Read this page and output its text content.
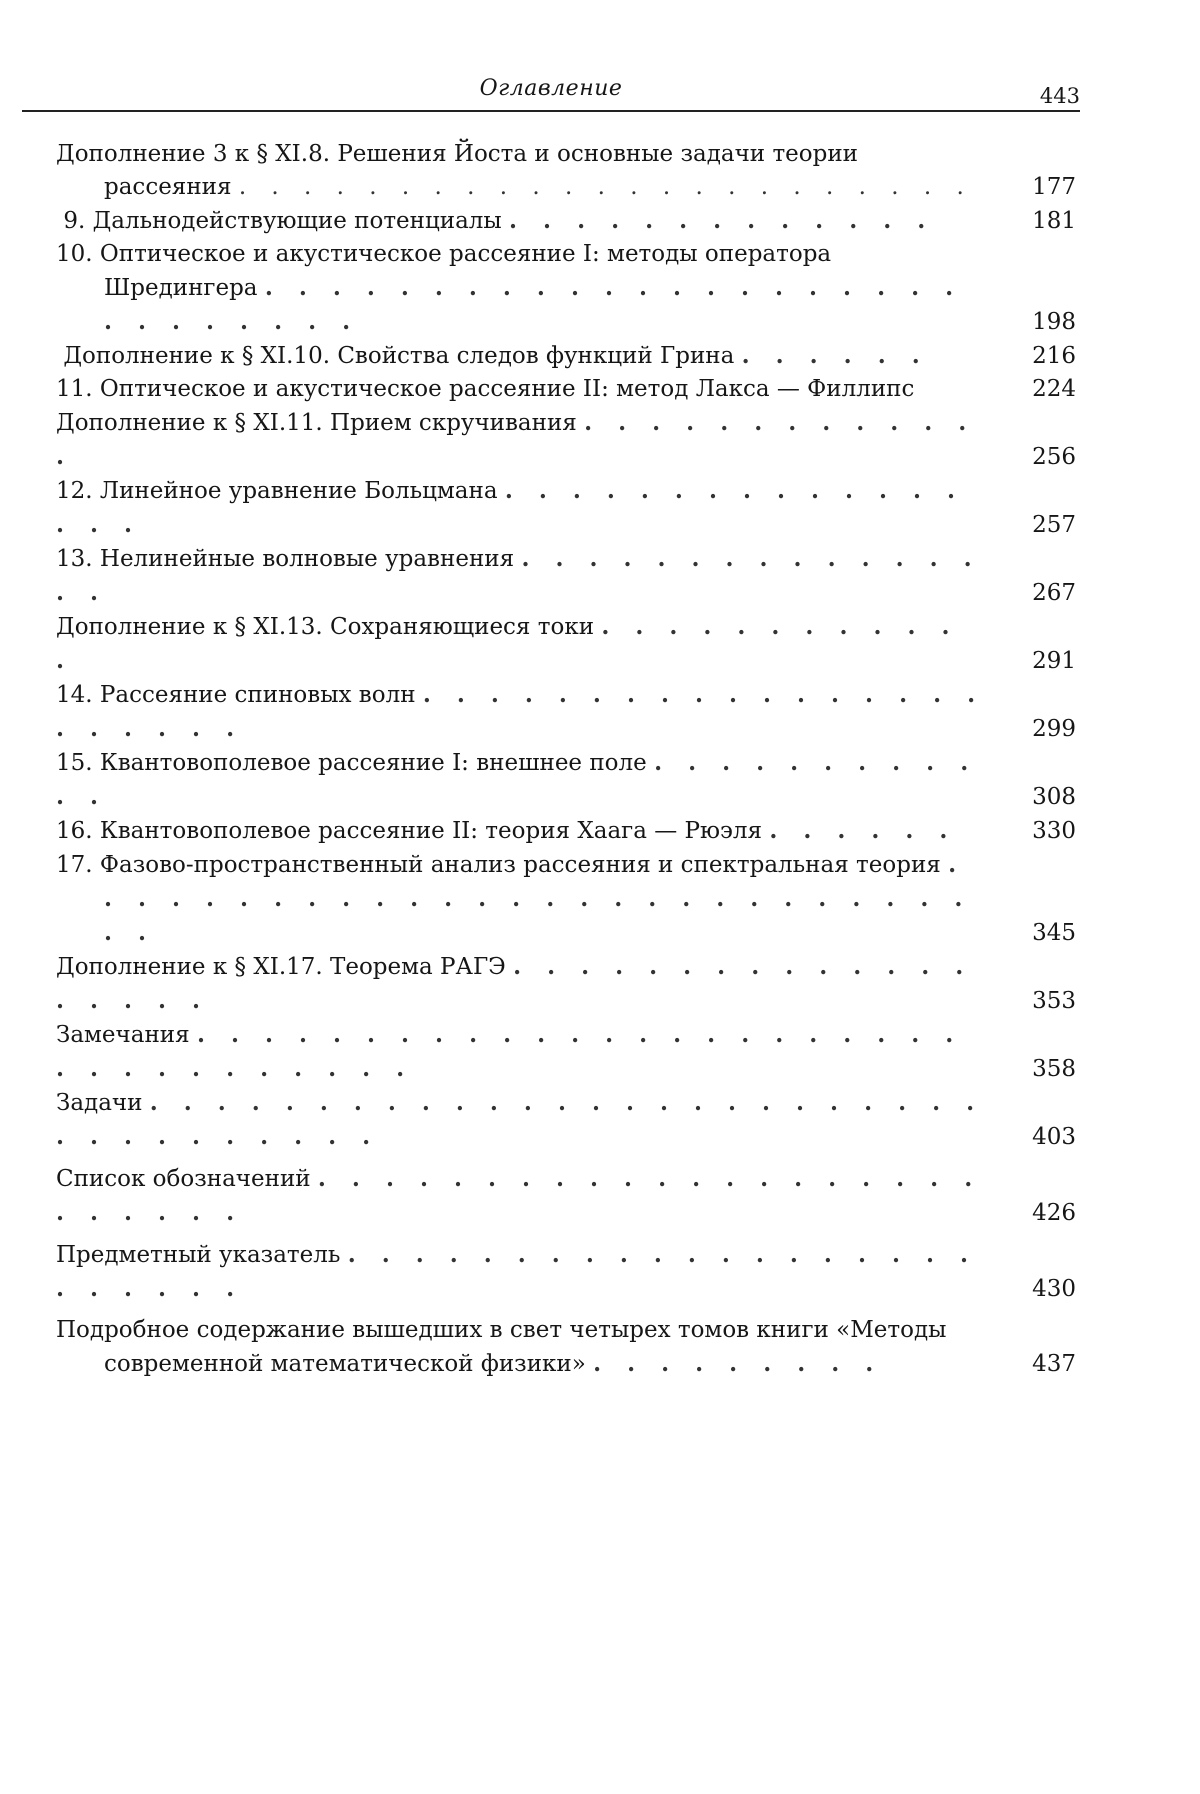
Оглавление	443
Дополнение 3 к § XI.8. Решения Йоста и основные задачи теории рассеяния . . . . . . . . . . . . . . . . . . . . . . .	177
9. Дальнодействующие потенциалы . . . . . . . . . . . . .	181
10. Оптическое и акустическое рассеяние I: методы оператора Шредингера . . . . . . . . . . . . . . . . . . . . . . . . . . . . .	198
Дополнение к § XI.10. Свойства следов функций Грина . . . . . .	216
11. Оптическое и акустическое рассеяние II: метод Лакса — Филлипс	224
Дополнение к § XI.11. Прием скручивания . . . . . . . . . . . . .	256
12. Линейное уравнение Больцмана . . . . . . . . . . . . . . . . .	257
13. Нелинейные волновые уравнения . . . . . . . . . . . . . . . .	267
Дополнение к § XI.13. Сохраняющиеся токи . . . . . . . . . . . .	291
14. Рассеяние спиновых волн . . . . . . . . . . . . . . . . . . . . . . .	299
15. Квантовополевое рассеяние I: внешнее поле . . . . . . . . . . . .	308
16. Квантовополевое рассеяние II: теория Хаага — Рюэля . . . . . .	330
17. Фазово-пространственный анализ рассеяния и спектральная теория . . . . . . . . . . . . . . . . . . . . . . . . . . . . .	345
Дополнение к § XI.17. Теорема РАГЭ . . . . . . . . . . . . . . . . . . .	353
Замечания . . . . . . . . . . . . . . . . . . . . . . . . . . . . . . . . . .	358
Задачи . . . . . . . . . . . . . . . . . . . . . . . . . . . . . . . . . . .	403
Список обозначений . . . . . . . . . . . . . . . . . . . . . . . . . .	426
Предметный указатель . . . . . . . . . . . . . . . . . . . . . . . . .	430
Подробное содержание вышедших в свет четырех томов книги «Методы современной математической физики» . . . . . . . . .	437
